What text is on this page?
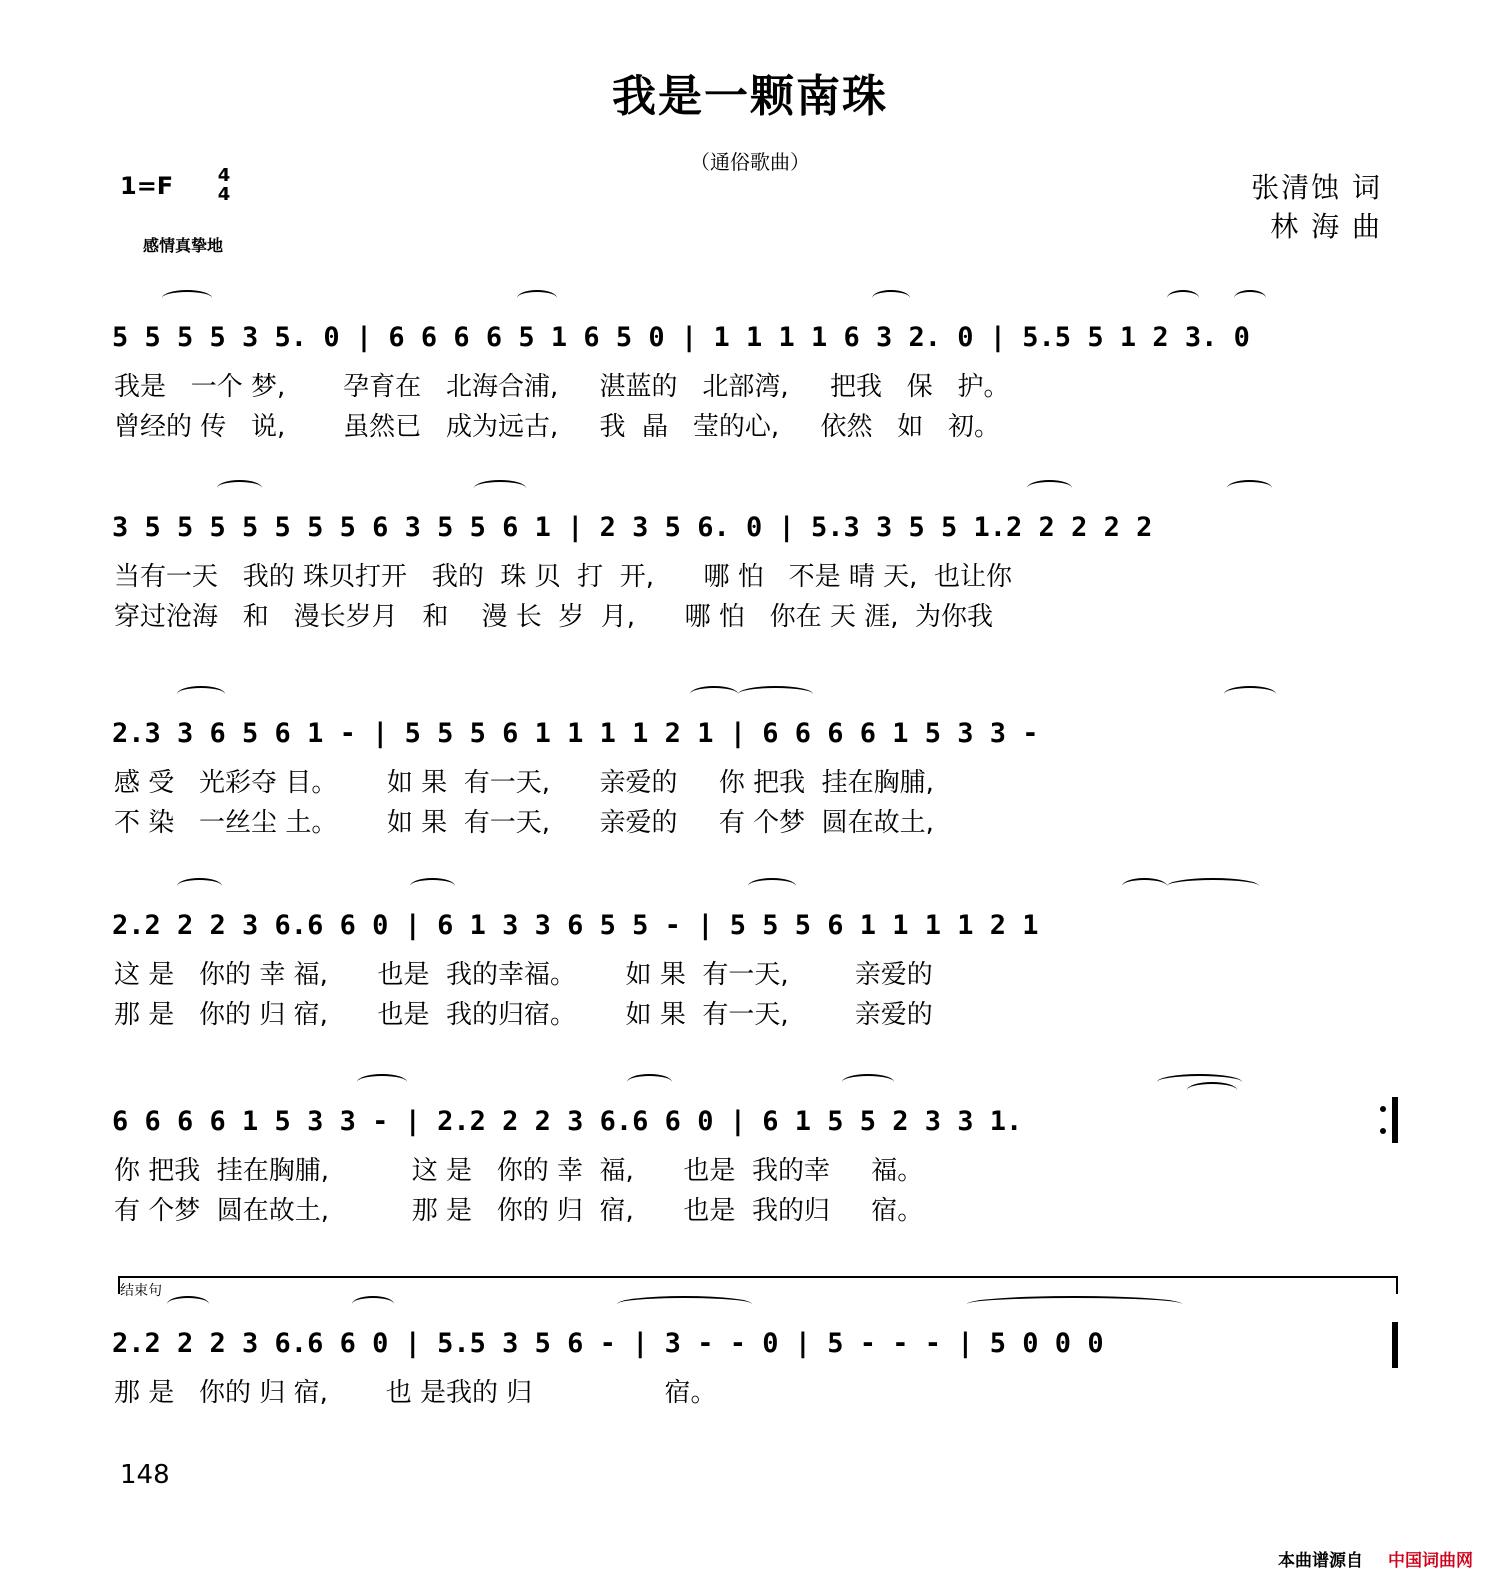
我是一颗南珠
（通俗歌曲）
张清蚀 词
林 海 曲
1=F	4
4
感情真挚地
5 5 5 5 3 5. 0 | 6 6 6 6 5 1 6 5 0 | 1 1 1 1 6 3 2. 0 | 5.5 5 1 2 3. 0
我是   一个 梦,       孕育在   北海合浦,     湛蓝的   北部湾,     把我   保   护。
曾经的 传   说,       虽然已   成为远古,     我  晶   莹的心,     依然   如   初。
3 5 5 5 5 5 5 5 6 3 5 5 6 1 | 2 3 5 6. 0 | 5.3 3 5 5 1.2 2 2 2 2
当有一天   我的 珠贝打开   我的  珠 贝  打  开,      哪 怕   不是 晴 天,  也让你
穿过沧海   和   漫长岁月   和    漫 长  岁  月,      哪 怕   你在 天 涯,  为你我
2.3 3 6 5 6 1 - | 5 5 5 6 1 1 1 1 2 1 | 6 6 6 6 1 5 3 3 -
感 受   光彩夺 目。      如 果  有一天,      亲爱的     你 把我  挂在胸脯,
不 染   一丝尘 土。      如 果  有一天,      亲爱的     有 个梦  圆在故土,
2.2 2 2 3 6.6 6 0 | 6 1 3 3 6 5 5 - | 5 5 5 6 1 1 1 1 2 1
这 是   你的 幸 福,      也是  我的幸福。      如 果  有一天,        亲爱的
那 是   你的 归 宿,      也是  我的归宿。      如 果  有一天,        亲爱的
6 6 6 6 1 5 3 3 - | 2.2 2 2 3 6.6 6 0 | 6 1 5 5 2 3 3 1.
你 把我  挂在胸脯,          这 是   你的 幸  福,      也是  我的幸     福。
有 个梦  圆在故土,          那 是   你的 归  宿,      也是  我的归     宿。
结束句
2.2 2 2 3 6.6 6 0 | 5.5 3 5 6 - | 3 - - 0 | 5 - - - | 5 0 0 0
那 是   你的 归 宿,       也 是我的 归                宿。
148
本曲谱源自 中国词曲网
